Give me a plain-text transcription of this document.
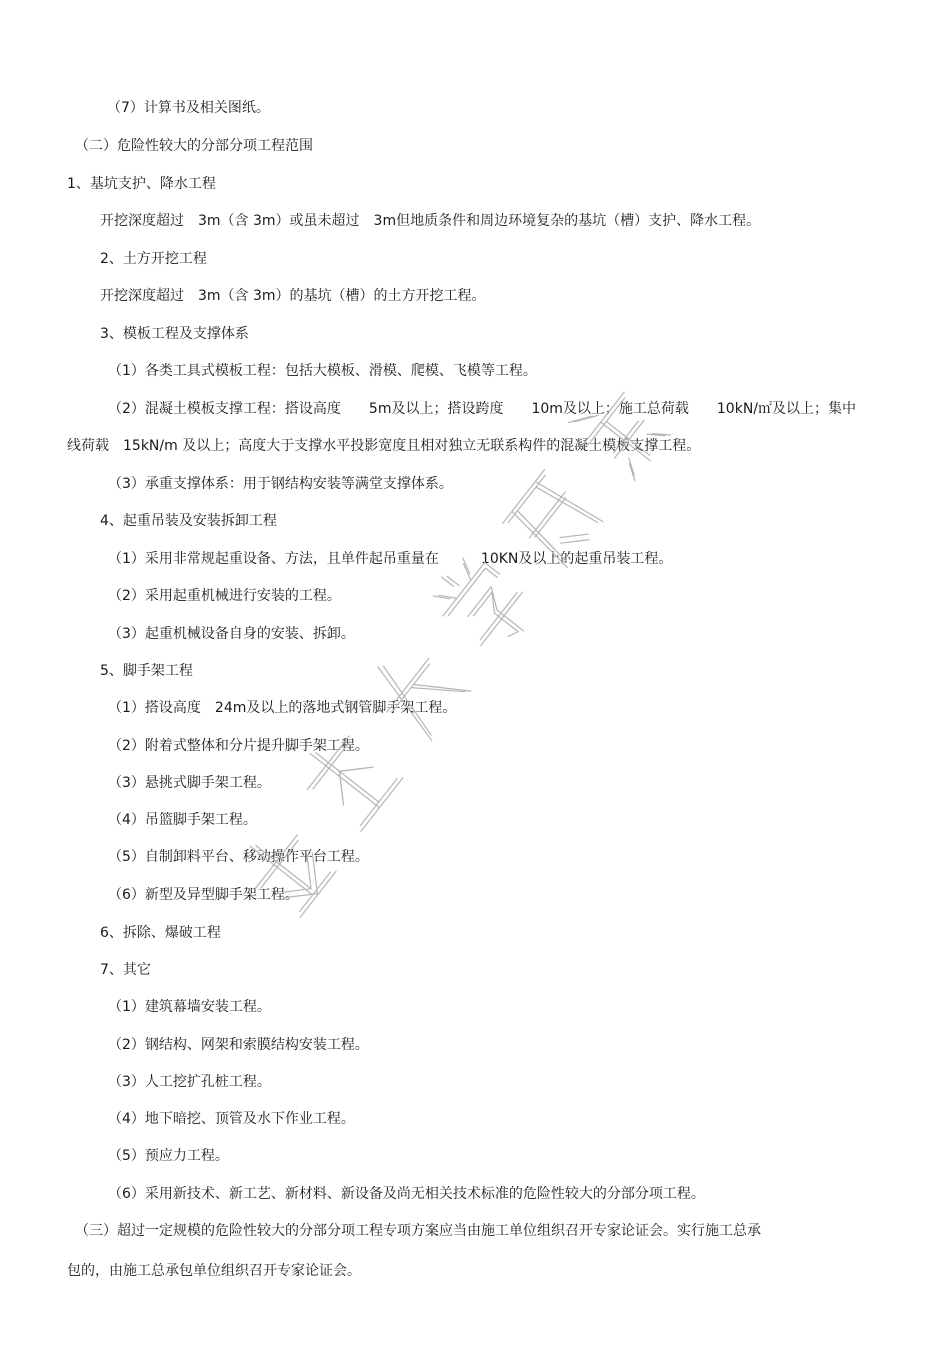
（7）计算书及相关图纸。
（二）危险性较大的分部分项工程范围
1、基坑支护、降水工程
开挖深度超过　3m（含 3m）或虽未超过　3m但地质条件和周边环境复杂的基坑（槽）支护、降水工程。
2、土方开挖工程
开挖深度超过　3m（含 3m）的基坑（槽）的土方开挖工程。
3、模板工程及支撑体系
（1）各类工具式模板工程：包括大模板、滑模、爬模、飞模等工程。
（2）混凝土模板支撑工程：搭设高度　　5m及以上；搭设跨度　　10m及以上；施工总荷载　　10kN/㎡及以上；集中
线荷载　15kN/m 及以上；高度大于支撑水平投影宽度且相对独立无联系构件的混凝土模板支撑工程。
（3）承重支撑体系：用于钢结构安装等满堂支撑体系。
4、起重吊装及安装拆卸工程
（1）采用非常规起重设备、方法，且单件起吊重量在　　　10KN及以上的起重吊装工程。
（2）采用起重机械进行安装的工程。
（3）起重机械设备自身的安装、拆卸。
5、脚手架工程
（1）搭设高度　24m及以上的落地式钢管脚手架工程。
（2）附着式整体和分片提升脚手架工程。
（3）悬挑式脚手架工程。
（4）吊篮脚手架工程。
（5）自制卸料平台、移动操作平台工程。
（6）新型及异型脚手架工程。
6、拆除、爆破工程
7、其它
（1）建筑幕墙安装工程。
（2）钢结构、网架和索膜结构安装工程。
（3）人工挖扩孔桩工程。
（4）地下暗挖、顶管及水下作业工程。
（5）预应力工程。
（6）采用新技术、新工艺、新材料、新设备及尚无相关技术标准的危险性较大的分部分项工程。
（三）超过一定规模的危险性较大的分部分项工程专项方案应当由施工单位组织召开专家论证会。实行施工总承
包的，由施工总承包单位组织召开专家论证会。
